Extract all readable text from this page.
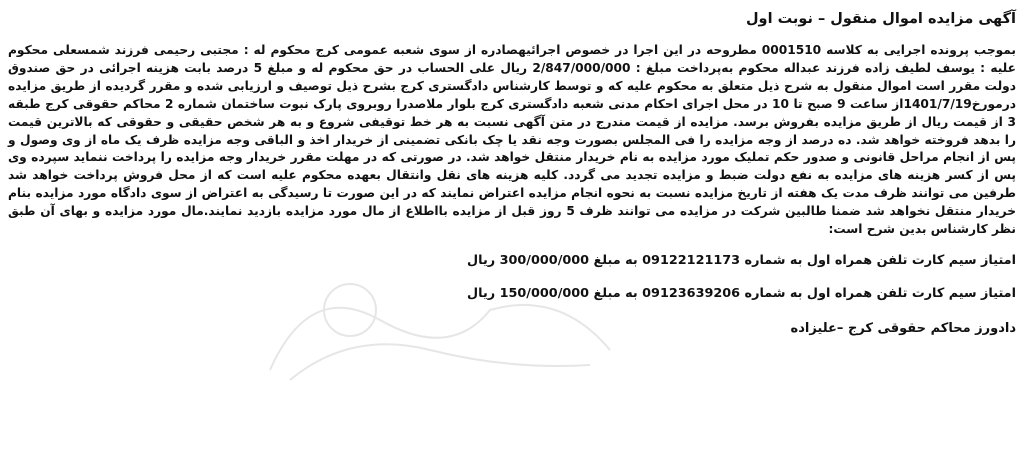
آگهی مزایده اموال منقول – نوبت اول

بموجب پرونده اجرایی به کلاسه 0001510 مطروحه در این اجرا در خصوص اجرائیهصادره از سوی شعبه عمومی کرج محکوم له : مجتبی رحیمی فرزند شمسعلی محکوم علیه : یوسف لطیف زاده فرزند عبداله محکوم به‌پرداخت مبلغ : 2/847/000/000 ریال علی الحساب در حق محکوم له و مبلغ 5 درصد بابت هزینه اجرائی در حق صندوق دولت مقرر است اموال منقول به شرح ذیل متعلق به محکوم علیه که و توسط کارشناس دادگستری کرج بشرح ذیل توصیف و ارزیابی شده و مقرر گردیده از طریق مزایده درمورخ1401/7/19از ساعت 9 صبح تا 10 در محل اجرای احکام مدنی شعبه دادگستری کرج بلوار ملاصدرا روبروی پارک نبوت ساختمان شماره 2 محاکم حقوقی کرج طبقه 3 از قیمت ریال از طریق مزایده بفروش برسد. مزایده از قیمت مندرج در متن آگهی نسبت به هر خط توقیفی شروع و به هر شخص حقیقی و حقوقی که بالاترین قیمت را بدهد فروخته خواهد شد. ده درصد از وجه مزایده را فی المجلس بصورت وجه نقد یا چک بانکی تضمینی از خریدار اخذ و الباقی وجه مزایده ظرف یک ماه از وی وصول و پس از انجام مراحل قانونی و صدور حکم تملیک مورد مزایده به نام خریدار منتقل خواهد شد. در صورتی که در مهلت مقرر خریدار وجه مزایده را پرداخت ننماید سپرده وی پس از کسر هزینه های مزایده به نفع دولت ضبط و مزایده تجدید می گردد. کلیه هزینه های نقل وانتقال بعهده محکوم علیه است که از محل فروش پرداخت خواهد شد طرفین می توانند ظرف مدت یک هفته از تاریخ مزایده نسبت به نحوه انجام مزایده اعتراض نمایند که در این صورت تا رسیدگی به اعتراض از سوی دادگاه مورد مزایده بنام خریدار منتقل نخواهد شد ضمنا طالبین شرکت در مزایده می توانند ظرف 5 روز قبل از مزایده بااطلاع از مال مورد مزایده بازدید نمایند.مال مورد مزایده و بهای آن طبق نظر کارشناس بدین شرح است:

امتیاز سیم کارت تلفن همراه اول به شماره 09122121173 به مبلغ 300/000/000 ریال

امتیاز سیم کارت تلفن همراه اول به شماره 09123639206 به مبلغ 150/000/000 ریال

دادورز محاکم حقوقی کرج –علیزاده
